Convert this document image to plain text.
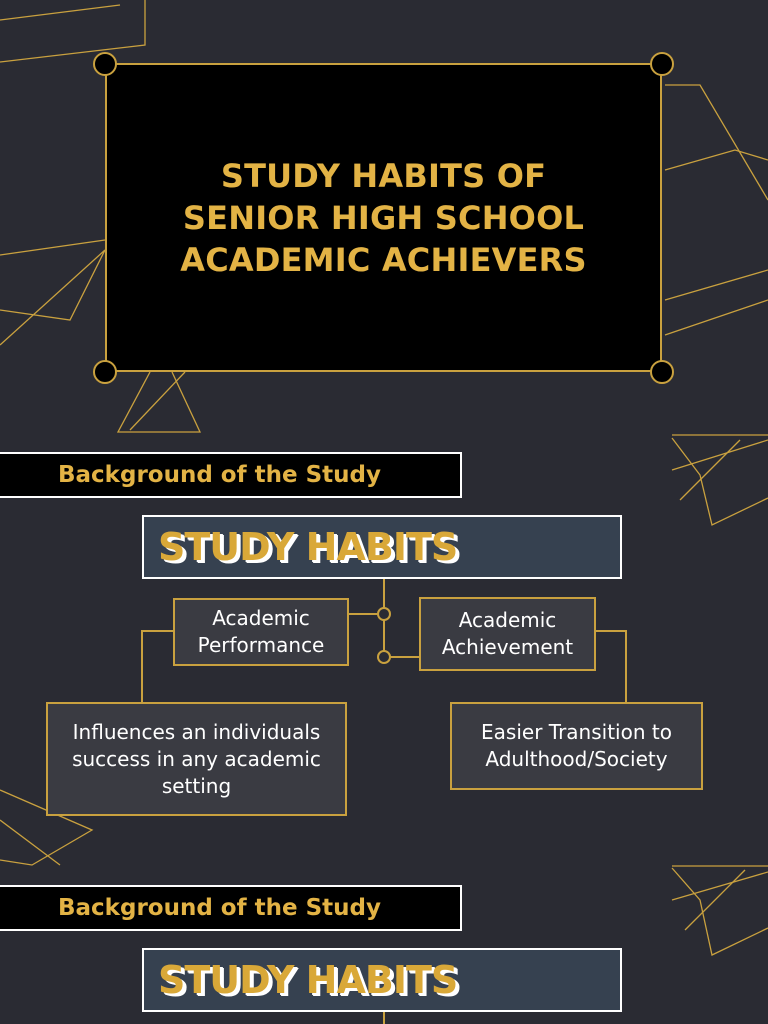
STUDY HABITS OF
SENIOR HIGH SCHOOL
ACADEMIC ACHIEVERS
Background of the Study
STUDY HABITS
Academic
Performance
Academic
Achievement
Influences an individuals
success in any academic
setting
Easier Transition to
Adulthood/Society
Background of the Study
STUDY HABITS
